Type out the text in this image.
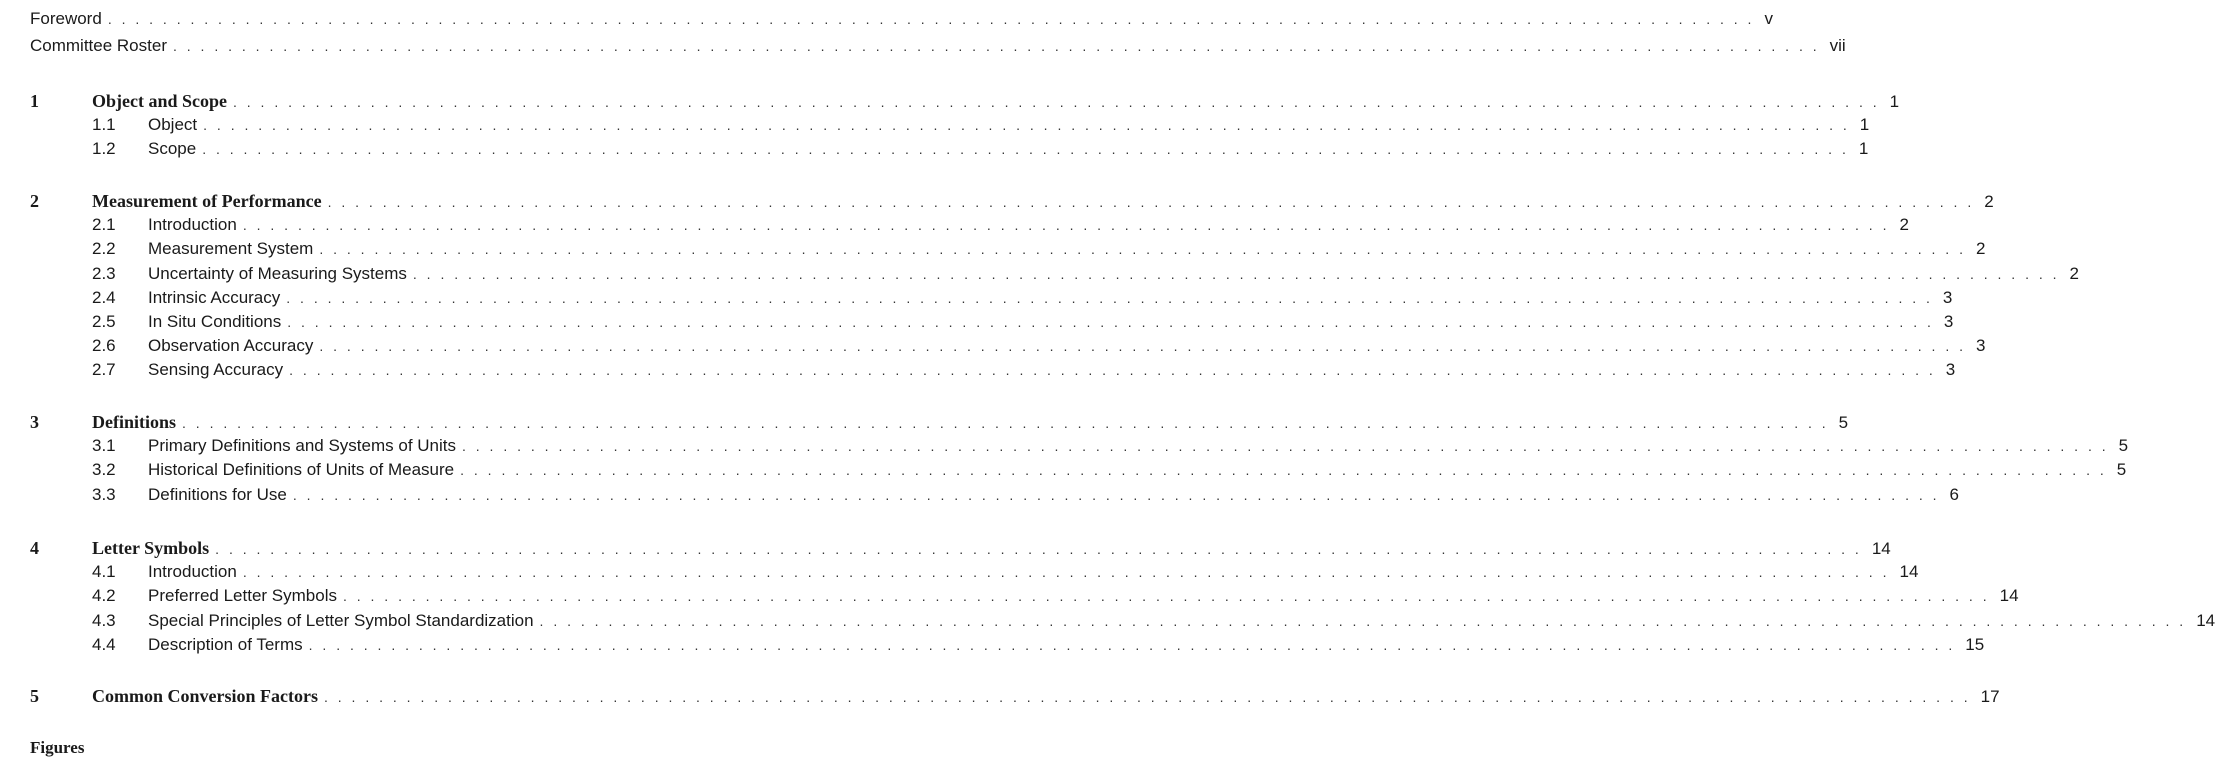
Foreword . . . . . . . . . . . . . . . . . . . . . . . . . . . . . . . . . . . . . . . . . . . . . . . . . . . . . . . . . . . . . . . . . . . . . . . . . . . . . . . . . . . . . . . . . . . . . . . . . . . . . . . . . . . . . . . . . . . . . . . . v
Committee Roster . . . . . . . . . . . . . . . . . . . . . . . . . . . . . . . . . . . . . . . . . . . . . . . . . . . . . . . . . . . . . . . . . . . . . . . . . . . . . . . . . . . . . . . . . . . . . . . . . . . . . . . . . . . . . . . . . . . . . . . . vii
1	Object and Scope . . . . . . . . . . . . . . . . . . . . . . . . . . . . . . . . . . . . . . . . . . . . . . . . . . . . . . . . . . . . . . . . . . . . . . . . . . . . . . . . . . . . . . . . . . . . . . . . . . . . . . . . . . . . . . . . . . . . . . . . 1
1.1 Object . . . . . . . . . . . . . . . . . . . . . . . . . . . . . . . . . . . . . . . . . . . . . . . . . . . . . . . . . . . . . . . . . . . . . . . . . . . . . . . . . . . . . . . . . . . . . . . . . . . . . . . . . . . . . . . . . . . . . . . . 1
1.2 Scope . . . . . . . . . . . . . . . . . . . . . . . . . . . . . . . . . . . . . . . . . . . . . . . . . . . . . . . . . . . . . . . . . . . . . . . . . . . . . . . . . . . . . . . . . . . . . . . . . . . . . . . . . . . . . . . . . . . . . . . . 1
2	Measurement of Performance . . . . . . . . . . . . . . . . . . . . . . . . . . . . . . . . . . . . . . . . . . . . . . . . . . . . . . . . . . . . . . . . . . . . . . . . . . . . . . . . . . . . . . . . . . . . . . . . . . . . . . . . . . . . . . . . . . . . . . . . 2
2.1 Introduction . . . . . . . . . . . . . . . . . . . . . . . . . . . . . . . . . . . . . . . . . . . . . . . . . . . . . . . . . . . . . . . . . . . . . . . . . . . . . . . . . . . . . . . . . . . . . . . . . . . . . . . . . . . . . . . . . . . . . . . . 2
2.2 Measurement System . . . . . . . . . . . . . . . . . . . . . . . . . . . . . . . . . . . . . . . . . . . . . . . . . . . . . . . . . . . . . . . . . . . . . . . . . . . . . . . . . . . . . . . . . . . . . . . . . . . . . . . . . . . . . . . . . . . . . . . . 2
2.3 Uncertainty of Measuring Systems . . . . . . . . . . . . . . . . . . . . . . . . . . . . . . . . . . . . . . . . . . . . . . . . . . . . . . . . . . . . . . . . . . . . . . . . . . . . . . . . . . . . . . . . . . . . . . . . . . . . . . . . . . . . . . . . . . . . . . . . 2
2.4 Intrinsic Accuracy . . . . . . . . . . . . . . . . . . . . . . . . . . . . . . . . . . . . . . . . . . . . . . . . . . . . . . . . . . . . . . . . . . . . . . . . . . . . . . . . . . . . . . . . . . . . . . . . . . . . . . . . . . . . . . . . . . . . . . . . 3
2.5 In Situ Conditions . . . . . . . . . . . . . . . . . . . . . . . . . . . . . . . . . . . . . . . . . . . . . . . . . . . . . . . . . . . . . . . . . . . . . . . . . . . . . . . . . . . . . . . . . . . . . . . . . . . . . . . . . . . . . . . . . . . . . . . . 3
2.6 Observation Accuracy . . . . . . . . . . . . . . . . . . . . . . . . . . . . . . . . . . . . . . . . . . . . . . . . . . . . . . . . . . . . . . . . . . . . . . . . . . . . . . . . . . . . . . . . . . . . . . . . . . . . . . . . . . . . . . . . . . . . . . . . 3
2.7 Sensing Accuracy . . . . . . . . . . . . . . . . . . . . . . . . . . . . . . . . . . . . . . . . . . . . . . . . . . . . . . . . . . . . . . . . . . . . . . . . . . . . . . . . . . . . . . . . . . . . . . . . . . . . . . . . . . . . . . . . . . . . . . . . 3
3	Definitions . . . . . . . . . . . . . . . . . . . . . . . . . . . . . . . . . . . . . . . . . . . . . . . . . . . . . . . . . . . . . . . . . . . . . . . . . . . . . . . . . . . . . . . . . . . . . . . . . . . . . . . . . . . . . . . . . . . . . . . . 5
3.1 Primary Definitions and Systems of Units . . . . . . . . . . . . . . . . . . . . . . . . . . . . . . . . . . . . . . . . . . . . . . . . . . . . . . . . . . . . . . . . . . . . . . . . . . . . . . . . . . . . . . . . . . . . . . . . . . . . . . . . . . . . . . . . . . . . . . . . 5
3.2 Historical Definitions of Units of Measure . . . . . . . . . . . . . . . . . . . . . . . . . . . . . . . . . . . . . . . . . . . . . . . . . . . . . . . . . . . . . . . . . . . . . . . . . . . . . . . . . . . . . . . . . . . . . . . . . . . . . . . . . . . . . . . . . . . . . . . . 5
3.3 Definitions for Use . . . . . . . . . . . . . . . . . . . . . . . . . . . . . . . . . . . . . . . . . . . . . . . . . . . . . . . . . . . . . . . . . . . . . . . . . . . . . . . . . . . . . . . . . . . . . . . . . . . . . . . . . . . . . . . . . . . . . . . . 6
4	Letter Symbols . . . . . . . . . . . . . . . . . . . . . . . . . . . . . . . . . . . . . . . . . . . . . . . . . . . . . . . . . . . . . . . . . . . . . . . . . . . . . . . . . . . . . . . . . . . . . . . . . . . . . . . . . . . . . . . . . . . . . . . . 14
4.1 Introduction . . . . . . . . . . . . . . . . . . . . . . . . . . . . . . . . . . . . . . . . . . . . . . . . . . . . . . . . . . . . . . . . . . . . . . . . . . . . . . . . . . . . . . . . . . . . . . . . . . . . . . . . . . . . . . . . . . . . . . . . 14
4.2 Preferred Letter Symbols . . . . . . . . . . . . . . . . . . . . . . . . . . . . . . . . . . . . . . . . . . . . . . . . . . . . . . . . . . . . . . . . . . . . . . . . . . . . . . . . . . . . . . . . . . . . . . . . . . . . . . . . . . . . . . . . . . . . . . . . 14
4.3 Special Principles of Letter Symbol Standardization . . . . . . . . . . . . . . . . . . . . . . . . . . . . . . . . . . . . . . . . . . . . . . . . . . . . . . . . . . . . . . . . . . . . . . . . . . . . . . . . . . . . . . . . . . . . . . . . . . . . . . . . . . . . . . . . . . . . . . . . 14
4.4 Description of Terms . . . . . . . . . . . . . . . . . . . . . . . . . . . . . . . . . . . . . . . . . . . . . . . . . . . . . . . . . . . . . . . . . . . . . . . . . . . . . . . . . . . . . . . . . . . . . . . . . . . . . . . . . . . . . . . . . . . . . . . . 15
5	Common Conversion Factors . . . . . . . . . . . . . . . . . . . . . . . . . . . . . . . . . . . . . . . . . . . . . . . . . . . . . . . . . . . . . . . . . . . . . . . . . . . . . . . . . . . . . . . . . . . . . . . . . . . . . . . . . . . . . . . . . . . . . . . . 17
Figures
